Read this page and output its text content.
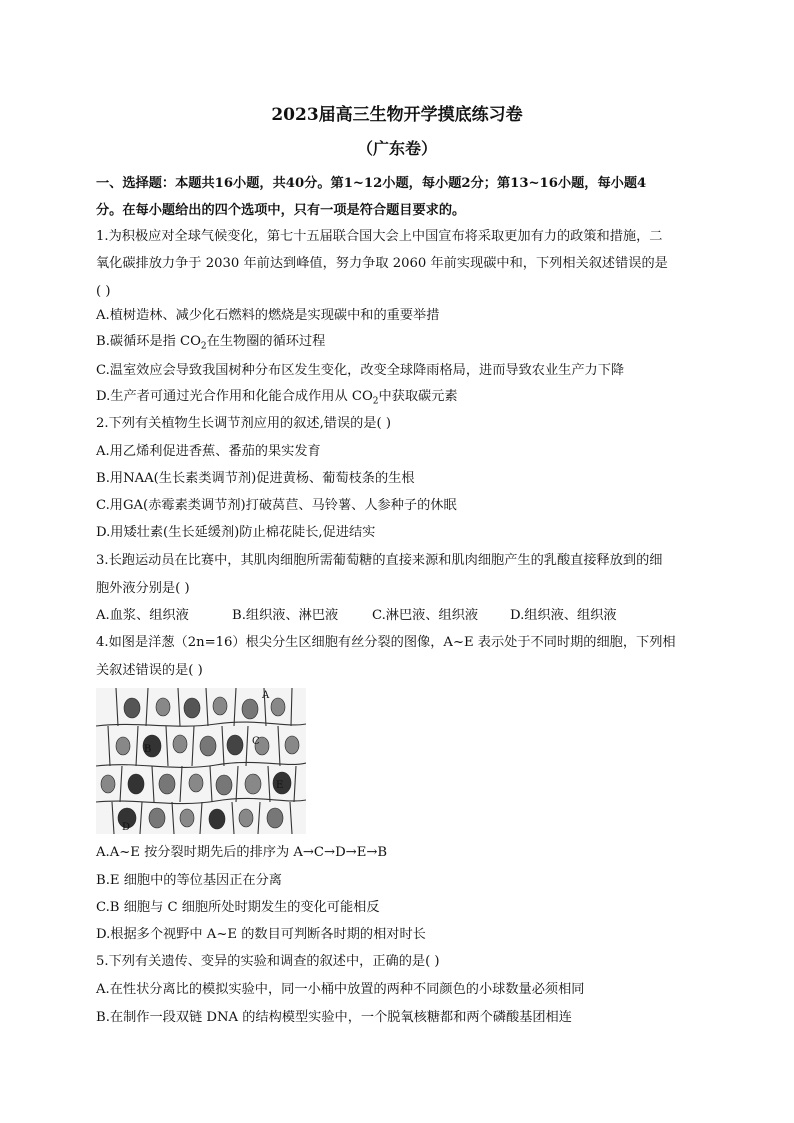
2023届高三生物开学摸底练习卷
（广东卷）
一、选择题：本题共16小题，共40分。第1~12小题，每小题2分；第13~16小题，每小题4
分。在每小题给出的四个选项中，只有一项是符合题目要求的。
1.为积极应对全球气候变化，第七十五届联合国大会上中国宣布将采取更加有力的政策和措施，二
氧化碳排放力争于 2030 年前达到峰值，努力争取 2060 年前实现碳中和，下列相关叙述错误的是
( )
A.植树造林、减少化石燃料的燃烧是实现碳中和的重要举措
B.碳循环是指 $CO_2$在生物圈的循环过程
C.温室效应会导致我国树种分布区发生变化，改变全球降雨格局，进而导致农业生产力下降
D.生产者可通过光合作用和化能合成作用从 $CO_2$中获取碳元素
2.下列有关植物生长调节剂应用的叙述,错误的是( )
A.用乙烯利促进香蕉、番茄的果实发育
B.用NAA(生长素类调节剂)促进黄杨、葡萄枝条的生根
C.用GA(赤霉素类调节剂)打破莴苣、马铃薯、人参种子的休眠
D.用矮壮素(生长延缓剂)防止棉花陡长,促进结实
3.长跑运动员在比赛中，其肌肉细胞所需葡萄糖的直接来源和肌肉细胞产生的乳酸直接释放到的细
胞外液分别是( )
A.血浆、组织液	B.组织液、淋巴液	C.淋巴液、组织液 D.组织液、组织液
4.如图是洋葱（2n=16）根尖分生区细胞有丝分裂的图像，A~E 表示处于不同时期的细胞，下列相
关叙述错误的是( )
A
B
C
D
E
A.A~E 按分裂时期先后的排序为 A→C→D→E→B
B.E 细胞中的等位基因正在分离
C.B 细胞与 C 细胞所处时期发生的变化可能相反
D.根据多个视野中 A~E 的数目可判断各时期的相对时长
5.下列有关遗传、变异的实验和调查的叙述中，正确的是( )
A.在性状分离比的模拟实验中，同一小桶中放置的两种不同颜色的小球数量必须相同
B.在制作一段双链 DNA 的结构模型实验中，一个脱氧核糖都和两个磷酸基团相连
